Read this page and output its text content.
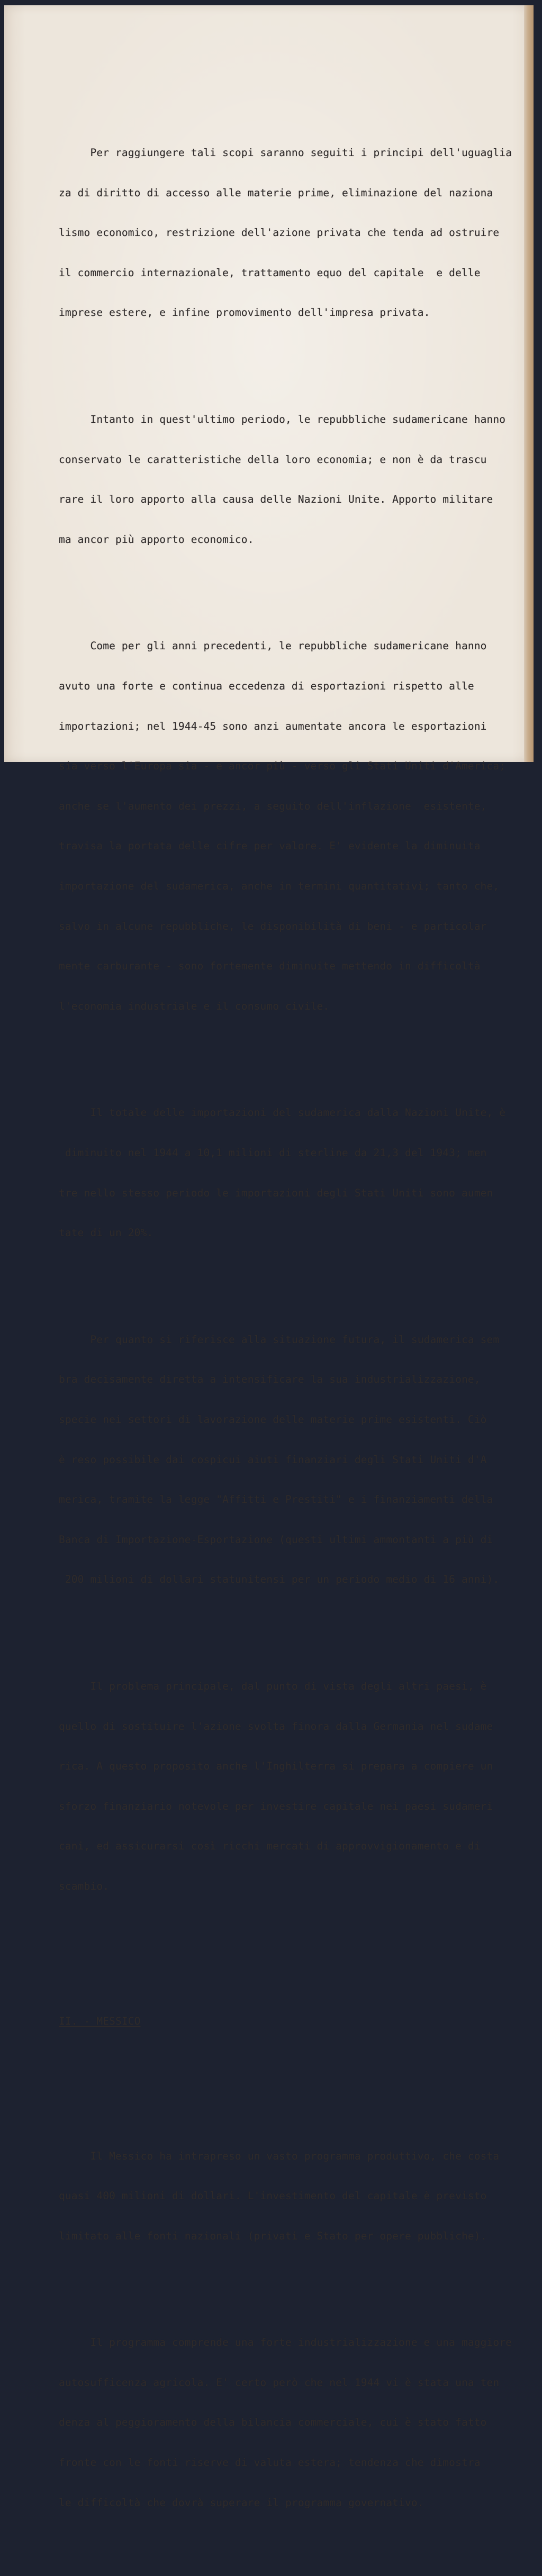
Per raggiungere tali scopi saranno seguiti i principi dell'uguaglia

za di diritto di accesso alle materie prime, eliminazione del naziona

lismo economico, restrizione dell'azione privata che tenda ad ostruire

il commercio internazionale, trattamento equo del capitale  e delle

imprese estere, e infine promovimento dell'impresa privata.

Intanto in quest'ultimo periodo, le repubbliche sudamericane hanno

conservato le caratteristiche della loro economia; e non è da trascu

rare il loro apporto alla causa delle Nazioni Unite. Apporto militare

ma ancor più apporto economico.

Come per gli anni precedenti, le repubbliche sudamericane hanno

avuto una forte e continua eccedenza di esportazioni rispetto alle

importazioni; nel 1944-45 sono anzi aumentate ancora le esportazioni

sia verso l'Europa sia - e ancor più - verso gli Stati Uniti d'America;

anche se l'aumento dei prezzi, a seguito dell'inflazione  esistente,

travisa la portata delle cifre per valore. E' evidente la diminuita

importazione del sudamerica, anche in termini quantitativi; tanto che,

salvo in alcune repubbliche, le disponibilità di beni - e particolar

mente carburante - sono fortemente diminuite mettendo in difficoltà

l'economia industriale e il consumo civile.

Il totale delle importazioni del sudamerica dalla Nazioni Unite, è

diminuito nel 1944 a 10,1 milioni di sterline da 21,3 del 1943; men

tre nello stesso periodo le importazioni degli Stati Uniti sono aumen

tate di un 20%.

Per quanto si riferisce alla situazione futura, il sudamerica sem

bra decisamente diretta a intensificare la sua industrializzazione,

specie nei settori di lavorazione delle materie prime esistenti. Ciò

è reso possibile dai cospicui aiuti finanziari degli Stati Uniti d'A

merica, tramite la legge "Affitti e Prestiti" e i finanziamenti della

Banca di Importazione-Esportazione (questi ultimi ammontanti a più di

200 milioni di dollari statunitensi per un periodo medio di 16 anni).

Il problema principale, dal punto di vista degli altri paesi, è

quello di sostituire l'azione svolta finora dalla Germania nel sudame

rica. A questo proposito anche l'Inghilterra si prepara a compiere un

sforzo finanziario notevole per investire capitale nei paesi sudameri

cani, ed assicurarsi così ricchi mercati di approvvigionamento e di

scambio.

II. - MESSICO

Il Messico ha intrapreso un vasto programma produttivo, che costa

quasi 400 milioni di dollari. L'investimento del capitale è previsto

limitato alle fonti nazionali (privati e Stato per opere pubbliche).

Il programma comprende una forte industrializzazione e una maggiore

autosufficenza agricola. E' certo però che nel 1944 vi è stata una ten

denza al peggioramento della bilancia commerciale, cui è stato fatto

fronte con le fonti riserve di valuta estera; tendenza che dimostra

le difficoltà che dovrà superare il programma governativo.
